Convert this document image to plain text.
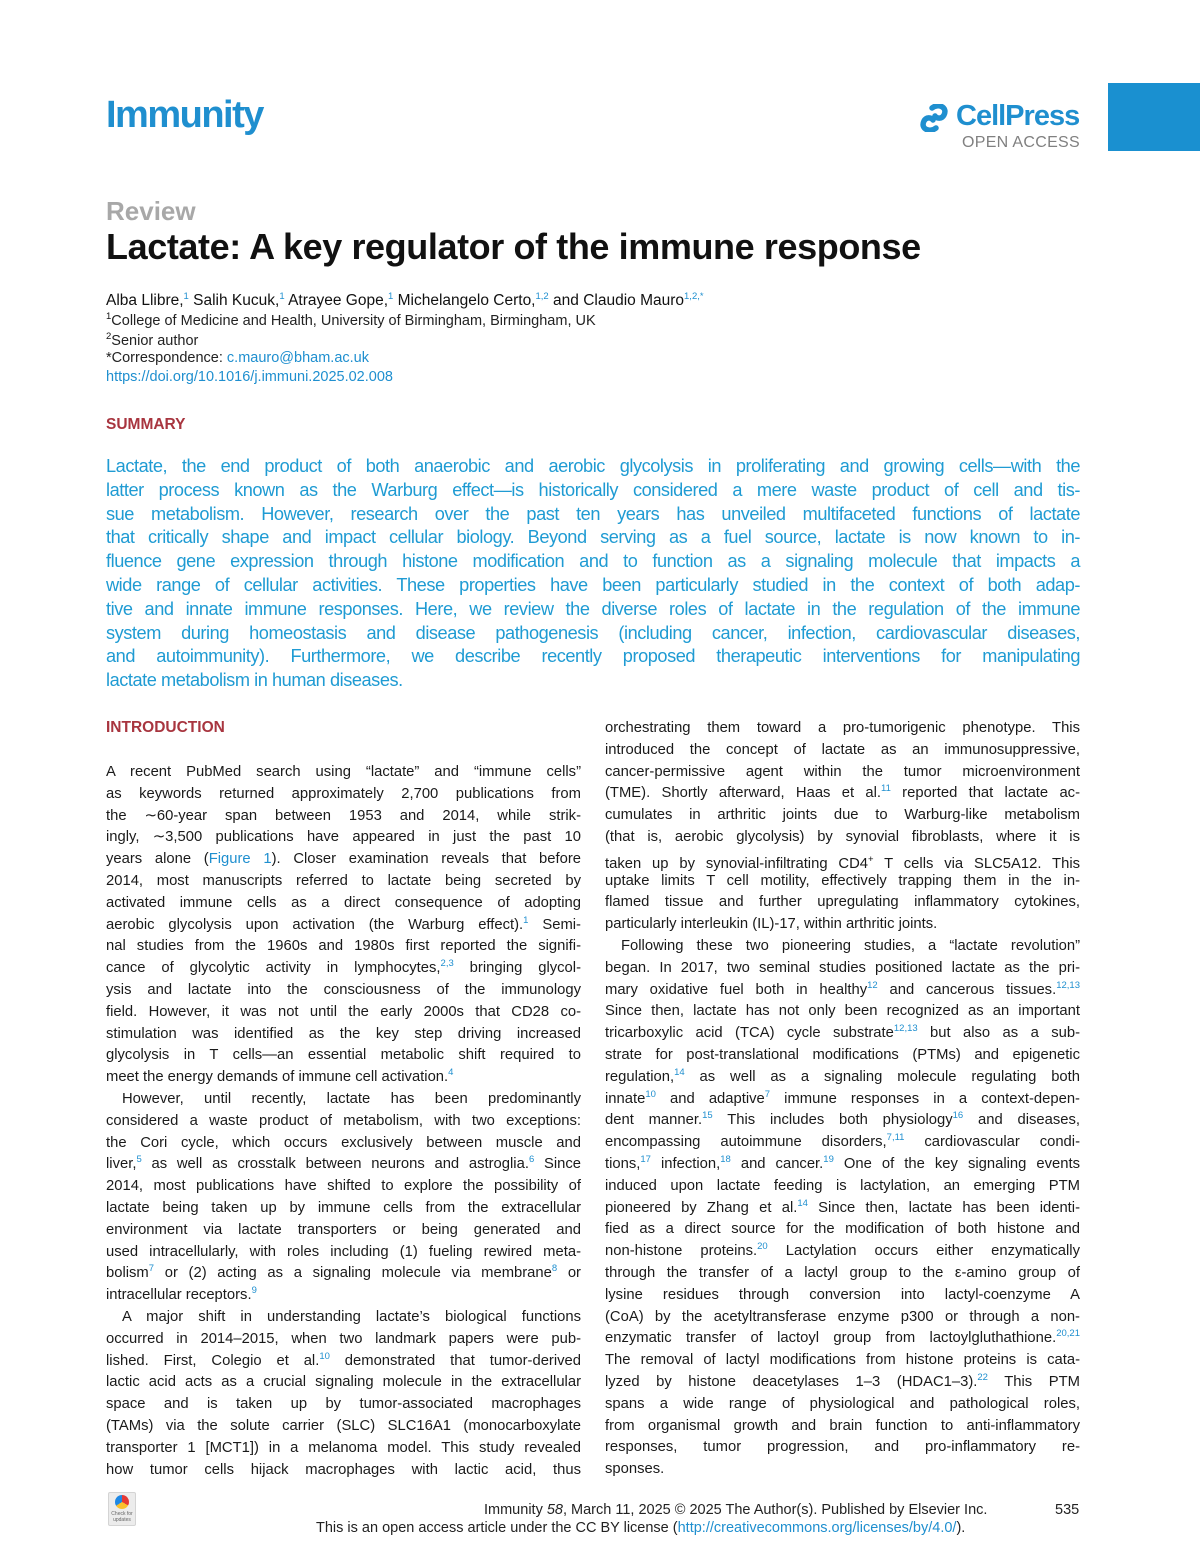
Immunity	CellPress
OPEN ACCESS
Review
Lactate: A key regulator of the immune response
Alba Llibre,$^1$ Salih Kucuk,$^1$ Atrayee Gope,$^1$ Michelangelo Certo,$^{1,2}$ and Claudio Mauro$^{1,2,*}$
$^1$College of Medicine and Health, University of Birmingham, Birmingham, UK
$^2$Senior author
*Correspondence: c.mauro@bham.ac.uk
https://doi.org/10.1016/j.immuni.2025.02.008
SUMMARY
Lactate, the end product of both anaerobic and aerobic glycolysis in proliferating and growing cells—with the
latter process known as the Warburg effect—is historically considered a mere waste product of cell and tis-
sue metabolism. However, research over the past ten years has unveiled multifaceted functions of lactate
that critically shape and impact cellular biology. Beyond serving as a fuel source, lactate is now known to in-
fluence gene expression through histone modification and to function as a signaling molecule that impacts a
wide range of cellular activities. These properties have been particularly studied in the context of both adap-
tive and innate immune responses. Here, we review the diverse roles of lactate in the regulation of the immune
system during homeostasis and disease pathogenesis (including cancer, infection, cardiovascular diseases,
and autoimmunity). Furthermore, we describe recently proposed therapeutic interventions for manipulating
lactate metabolism in human diseases.
INTRODUCTION
A recent PubMed search using “lactate” and “immune cells”
as keywords returned approximately 2,700 publications from
the ∼60-year span between 1953 and 2014, while strik-
ingly, ∼3,500 publications have appeared in just the past 10
years alone (Figure 1). Closer examination reveals that before
2014, most manuscripts referred to lactate being secreted by
activated immune cells as a direct consequence of adopting
aerobic glycolysis upon activation (the Warburg effect).$^1$ Semi-
nal studies from the 1960s and 1980s first reported the signifi-
cance of glycolytic activity in lymphocytes,$^{2,3}$ bringing glycol-
ysis and lactate into the consciousness of the immunology
field. However, it was not until the early 2000s that CD28 co-
stimulation was identified as the key step driving increased
glycolysis in T cells—an essential metabolic shift required to
meet the energy demands of immune cell activation.$^4$
However, until recently, lactate has been predominantly
considered a waste product of metabolism, with two exceptions:
the Cori cycle, which occurs exclusively between muscle and
liver,$^5$ as well as crosstalk between neurons and astroglia.$^6$ Since
2014, most publications have shifted to explore the possibility of
lactate being taken up by immune cells from the extracellular
environment via lactate transporters or being generated and
used intracellularly, with roles including (1) fueling rewired meta-
bolism$^7$ or (2) acting as a signaling molecule via membrane$^8$ or
intracellular receptors.$^9$
A major shift in understanding lactate’s biological functions
occurred in 2014–2015, when two landmark papers were pub-
lished. First, Colegio et al.$^{10}$ demonstrated that tumor-derived
lactic acid acts as a crucial signaling molecule in the extracellular
space and is taken up by tumor-associated macrophages
(TAMs) via the solute carrier (SLC) SLC16A1 (monocarboxylate
transporter 1 [MCT1]) in a melanoma model. This study revealed
how tumor cells hijack macrophages with lactic acid, thus
orchestrating them toward a pro-tumorigenic phenotype. This
introduced the concept of lactate as an immunosuppressive,
cancer-permissive agent within the tumor microenvironment
(TME). Shortly afterward, Haas et al.$^{11}$ reported that lactate ac-
cumulates in arthritic joints due to Warburg-like metabolism
(that is, aerobic glycolysis) by synovial fibroblasts, where it is
taken up by synovial-infiltrating CD4+ T cells via SLC5A12. This
uptake limits T cell motility, effectively trapping them in the in-
flamed tissue and further upregulating inflammatory cytokines,
particularly interleukin (IL)-17, within arthritic joints.
Following these two pioneering studies, a “lactate revolution”
began. In 2017, two seminal studies positioned lactate as the pri-
mary oxidative fuel both in healthy$^{12}$ and cancerous tissues.$^{12,13}$
Since then, lactate has not only been recognized as an important
tricarboxylic acid (TCA) cycle substrate$^{12,13}$ but also as a sub-
strate for post-translational modifications (PTMs) and epigenetic
regulation,$^{14}$ as well as a signaling molecule regulating both
innate$^{10}$ and adaptive$^7$ immune responses in a context-depen-
dent manner.$^{15}$ This includes both physiology$^{16}$ and diseases,
encompassing autoimmune disorders,$^{7,11}$ cardiovascular condi-
tions,$^{17}$ infection,$^{18}$ and cancer.$^{19}$ One of the key signaling events
induced upon lactate feeding is lactylation, an emerging PTM
pioneered by Zhang et al.$^{14}$ Since then, lactate has been identi-
fied as a direct source for the modification of both histone and
non-histone proteins.$^{20}$ Lactylation occurs either enzymatically
through the transfer of a lactyl group to the ε-amino group of
lysine residues through conversion into lactyl-coenzyme A
(CoA) by the acetyltransferase enzyme p300 or through a non-
enzymatic transfer of lactoyl group from lactoylgluthathione.$^{20,21}$
The removal of lactyl modifications from histone proteins is cata-
lyzed by histone deacetylases 1–3 (HDAC1–3).$^{22}$ This PTM
spans a wide range of physiological and pathological roles,
from organismal growth and brain function to anti-inflammatory
responses, tumor progression, and pro-inflammatory re-
sponses.
Check for updates
Immunity 58, March 11, 2025 © 2025 The Author(s). Published by Elsevier Inc.	535
This is an open access article under the CC BY license (http://creativecommons.org/licenses/by/4.0/).
